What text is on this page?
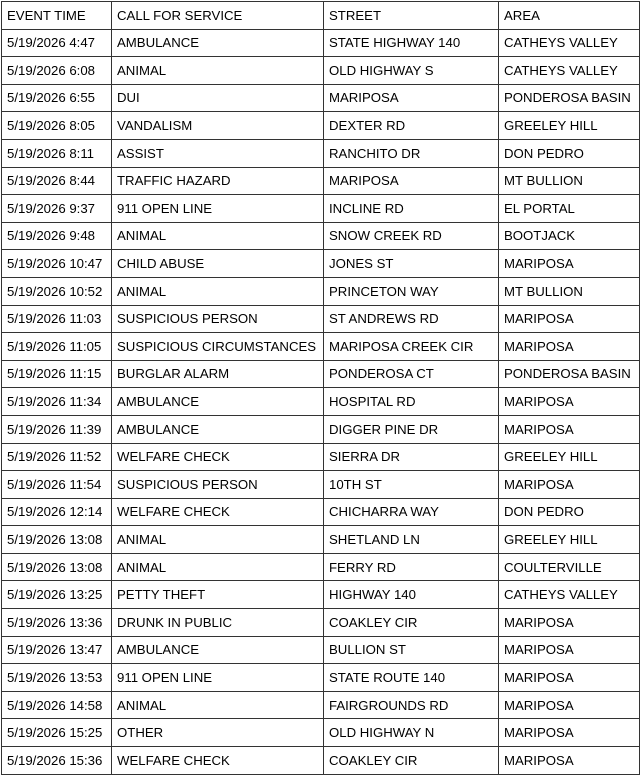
EVENT TIME	CALL FOR SERVICE	STREET	AREA
5/19/2026 4:47	AMBULANCE	STATE HIGHWAY 140	CATHEYS VALLEY
5/19/2026 6:08	ANIMAL	OLD HIGHWAY S	CATHEYS VALLEY
5/19/2026 6:55	DUI	MARIPOSA	PONDEROSA BASIN
5/19/2026 8:05	VANDALISM	DEXTER RD	GREELEY HILL
5/19/2026 8:11	ASSIST	RANCHITO DR	DON PEDRO
5/19/2026 8:44	TRAFFIC HAZARD	MARIPOSA	MT BULLION
5/19/2026 9:37	911 OPEN LINE	INCLINE RD	EL PORTAL
5/19/2026 9:48	ANIMAL	SNOW CREEK RD	BOOTJACK
5/19/2026 10:47	CHILD ABUSE	JONES ST	MARIPOSA
5/19/2026 10:52	ANIMAL	PRINCETON WAY	MT BULLION
5/19/2026 11:03	SUSPICIOUS PERSON	ST ANDREWS RD	MARIPOSA
5/19/2026 11:05	SUSPICIOUS CIRCUMSTANCES	MARIPOSA CREEK CIR	MARIPOSA
5/19/2026 11:15	BURGLAR ALARM	PONDEROSA CT	PONDEROSA BASIN
5/19/2026 11:34	AMBULANCE	HOSPITAL RD	MARIPOSA
5/19/2026 11:39	AMBULANCE	DIGGER PINE DR	MARIPOSA
5/19/2026 11:52	WELFARE CHECK	SIERRA DR	GREELEY HILL
5/19/2026 11:54	SUSPICIOUS PERSON	10TH ST	MARIPOSA
5/19/2026 12:14	WELFARE CHECK	CHICHARRA WAY	DON PEDRO
5/19/2026 13:08	ANIMAL	SHETLAND LN	GREELEY HILL
5/19/2026 13:08	ANIMAL	FERRY RD	COULTERVILLE
5/19/2026 13:25	PETTY THEFT	HIGHWAY 140	CATHEYS VALLEY
5/19/2026 13:36	DRUNK IN PUBLIC	COAKLEY CIR	MARIPOSA
5/19/2026 13:47	AMBULANCE	BULLION ST	MARIPOSA
5/19/2026 13:53	911 OPEN LINE	STATE ROUTE 140	MARIPOSA
5/19/2026 14:58	ANIMAL	FAIRGROUNDS RD	MARIPOSA
5/19/2026 15:25	OTHER	OLD HIGHWAY N	MARIPOSA
5/19/2026 15:36	WELFARE CHECK	COAKLEY CIR	MARIPOSA
